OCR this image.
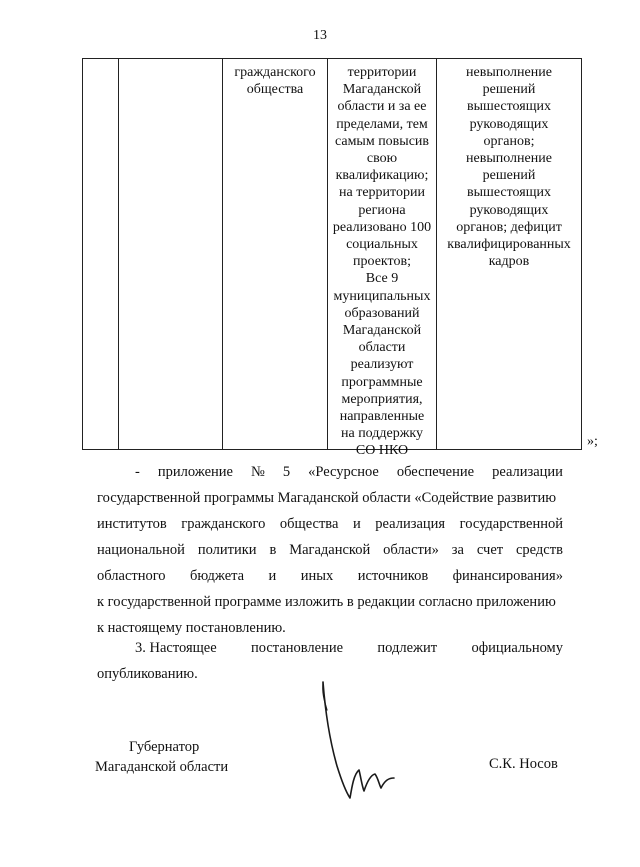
13
гражданского
общества
территории
Магаданской
области и за ее
пределами, тем
самым повысив
свою
квалификацию;
на территории
региона
реализовано 100
социальных
проектов;
Все 9
муниципальных
образований
Магаданской
области
реализуют
программные
мероприятия,
направленные
на поддержку
СО НКО
невыполнение
решений
вышестоящих
руководящих
органов;
невыполнение
решений
вышестоящих
руководящих
органов; дефицит
квалифицированных
кадров
»;
- приложение № 5 «Ресурсное обеспечение реализации
государственной программы Магаданской области «Содействие развитию
институтов гражданского общества и реализация государственной
национальной политики в Магаданской области» за счет средств
областного бюджета и иных источников финансирования»
к государственной программе изложить в редакции согласно приложению
к настоящему постановлению.
3. Настоящее постановление подлежит официальному
опубликованию.
Губернатор
Магаданской области	С.К. Носов
